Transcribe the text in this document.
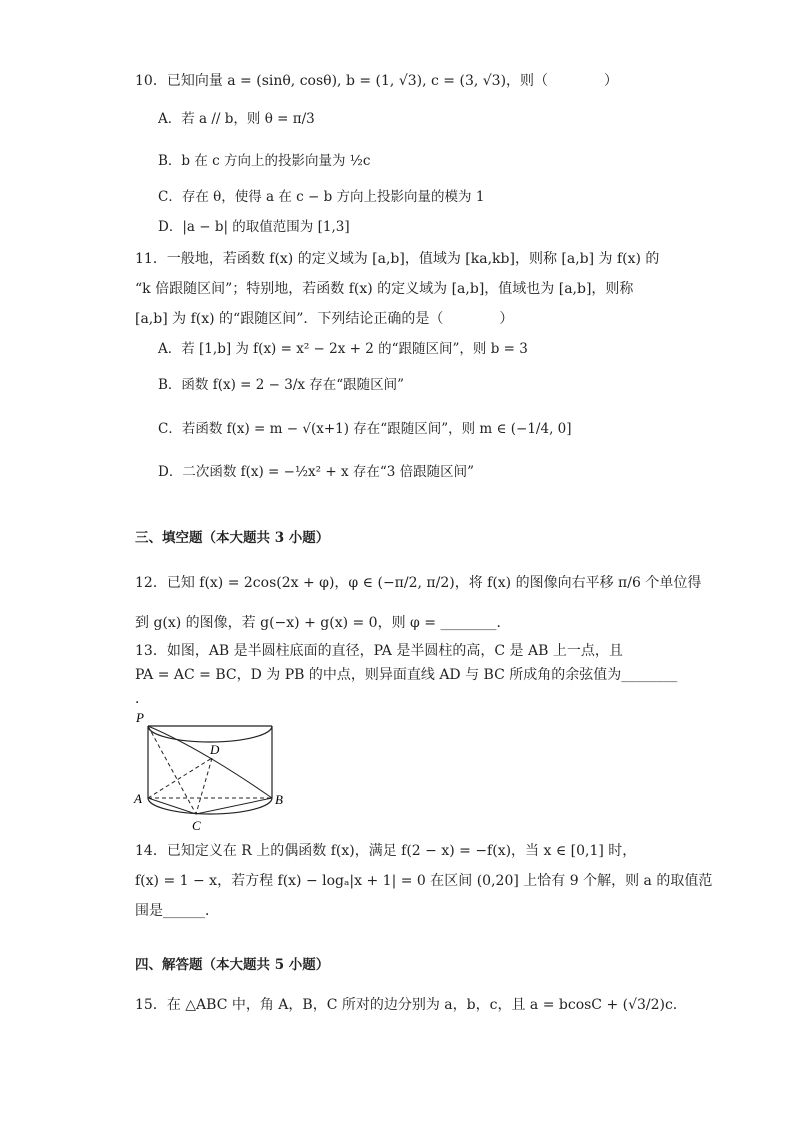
10．已知向量 a = (sinθ, cosθ), b = (1, √3), c = (3, √3)，则（　　　　）
A．若 a // b，则 θ = π/3
B．b 在 c 方向上的投影向量为 ½c
C．存在 θ，使得 a 在 c − b 方向上投影向量的模为 1
D．|a − b| 的取值范围为 [1,3]
11．一般地，若函数 f(x) 的定义域为 [a,b]，值域为 [ka,kb]，则称 [a,b] 为 f(x) 的
“k 倍跟随区间”；特别地，若函数 f(x) 的定义域为 [a,b]，值域也为 [a,b]，则称
[a,b] 为 f(x) 的“跟随区间”．下列结论正确的是（　　　　）
A．若 [1,b] 为 f(x) = x² − 2x + 2 的“跟随区间”，则 b = 3
B．函数 f(x) = 2 − 3/x 存在“跟随区间”
C．若函数 f(x) = m − √(x+1) 存在“跟随区间”，则 m ∈ (−1/4, 0]
D．二次函数 f(x) = −½x² + x 存在“3 倍跟随区间”
三、填空题（本大题共 3 小题）
12．已知 f(x) = 2cos(2x + φ)，φ ∈ (−π/2, π/2)，将 f(x) 的图像向右平移 π/6 个单位得
到 g(x) 的图像，若 g(−x) + g(x) = 0，则 φ = ________．
13．如图，AB 是半圆柱底面的直径，PA 是半圆柱的高，C 是 AB 上一点，且
PA = AC = BC，D 为 PB 的中点，则异面直线 AD 与 BC 所成角的余弦值为________
．
P
D
A	B
C
14．已知定义在 R 上的偶函数 f(x)，满足 f(2 − x) = −f(x)，当 x ∈ [0,1] 时，
f(x) = 1 − x，若方程 f(x) − logₐ|x + 1| = 0 在区间 (0,20] 上恰有 9 个解，则 a 的取值范
围是______．
四、解答题（本大题共 5 小题）
15．在 △ABC 中，角 A，B，C 所对的边分别为 a，b，c，且 a = bcosC + (√3/2)c．
